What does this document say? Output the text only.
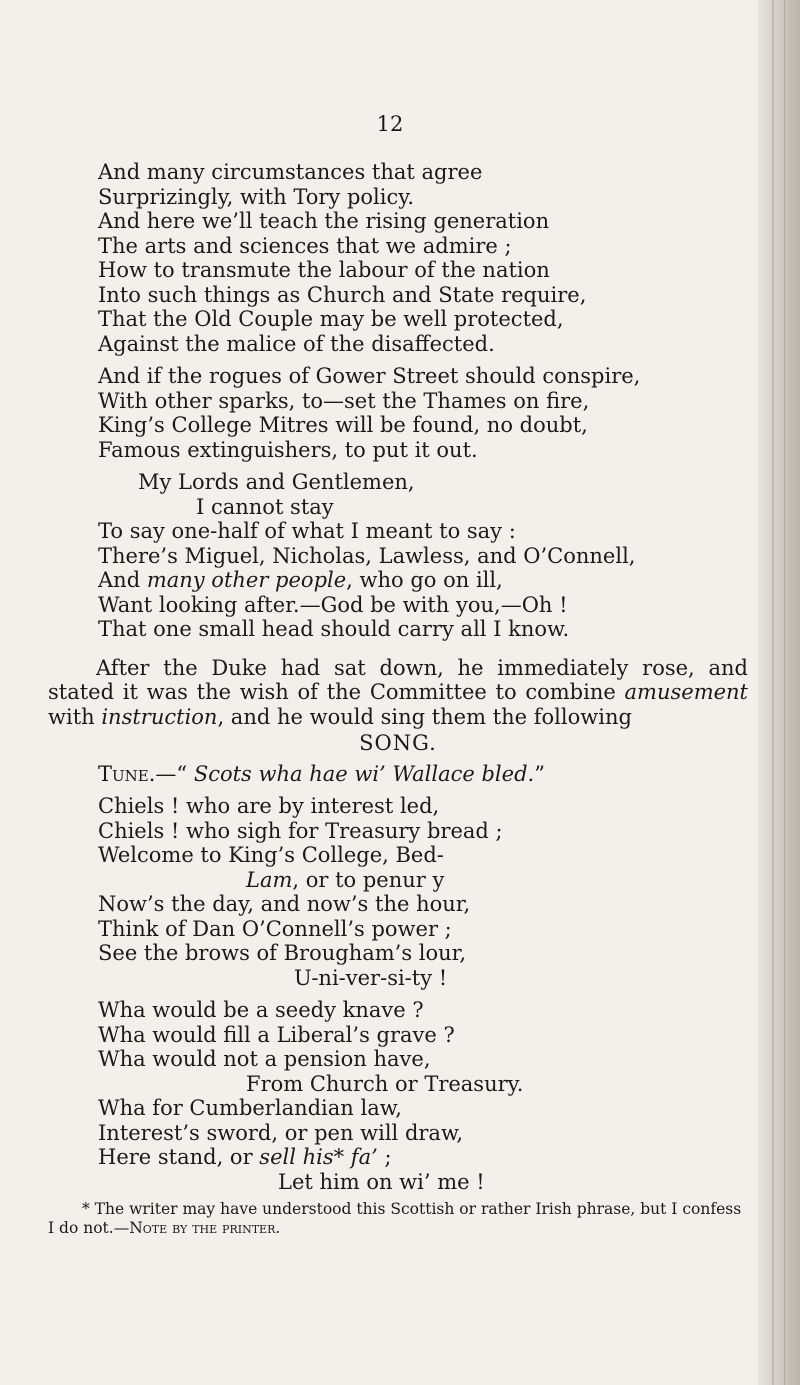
12
And many circumstances that agree
Surprizingly, with Tory policy.
And here we’ll teach the rising generation
The arts and sciences that we admire ;
How to transmute the labour of the nation
Into such things as Church and State require,
That the Old Couple may be well protected,
Against the malice of the disaffected.
And if the rogues of Gower Street should conspire,
With other sparks, to—set the Thames on fire,
King’s College Mitres will be found, no doubt,
Famous extinguishers, to put it out.
My Lords and Gentlemen,
I cannot stay
To say one-half of what I meant to say :
There’s Miguel, Nicholas, Lawless, and O’Connell,
And many other people, who go on ill,
Want looking after.—God be with you,—Oh !
That one small head should carry all I know.

After the Duke had sat down, he immediately rose, and stated it was the wish of the Committee to combine amusement with instruction, and he would sing them the following

SONG.
Tune.—“ Scots wha hae wi’ Wallace bled.”
Chiels ! who are by interest led,
Chiels ! who sigh for Treasury bread ;
Welcome to King’s College, Bed-
Lam, or to penur y
Now’s the day, and now’s the hour,
Think of Dan O’Connell’s power ;
See the brows of Brougham’s lour,
U-ni-ver-si-ty !
Wha would be a seedy knave ?
Wha would fill a Liberal’s grave ?
Wha would not a pension have,
From Church or Treasury.
Wha for Cumberlandian law,
Interest’s sword, or pen will draw,
Here stand, or sell his* fa’ ;
Let him on wi’ me !
* The writer may have understood this Scottish or rather Irish phrase, but I confess I do not.—Note by the printer.
